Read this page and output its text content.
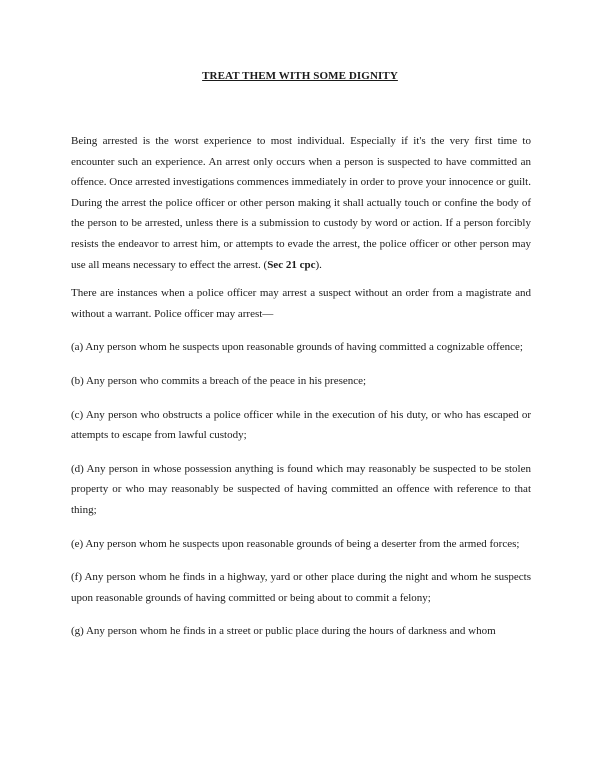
TREAT THEM WITH SOME DIGNITY

Being arrested is the worst experience to most individual. Especially if it's the very first time to encounter such an experience. An arrest only occurs when a person is suspected to have committed an offence. Once arrested investigations commences immediately in order to prove your innocence or guilt. During the arrest the police officer or other person making it shall actually touch or confine the body of the person to be arrested, unless there is a submission to custody by word or action. If a person forcibly resists the endeavor to arrest him, or attempts to evade the arrest, the police officer or other person may use all means necessary to effect the arrest. (Sec 21 cpc).

There are instances when a police officer may arrest a suspect without an order from a magistrate and without a warrant. Police officer may arrest—

(a) Any person whom he suspects upon reasonable grounds of having committed a cognizable offence;

(b) Any person who commits a breach of the peace in his presence;

(c) Any person who obstructs a police officer while in the execution of his duty, or who has escaped or attempts to escape from lawful custody;

(d) Any person in whose possession anything is found which may reasonably be suspected to be stolen property or who may reasonably be suspected of having committed an offence with reference to that thing;

(e) Any person whom he suspects upon reasonable grounds of being a deserter from the armed forces;

(f) Any person whom he finds in a highway, yard or other place during the night and whom he suspects upon reasonable grounds of having committed or being about to commit a felony;

(g) Any person whom he finds in a street or public place during the hours of darkness and whom
